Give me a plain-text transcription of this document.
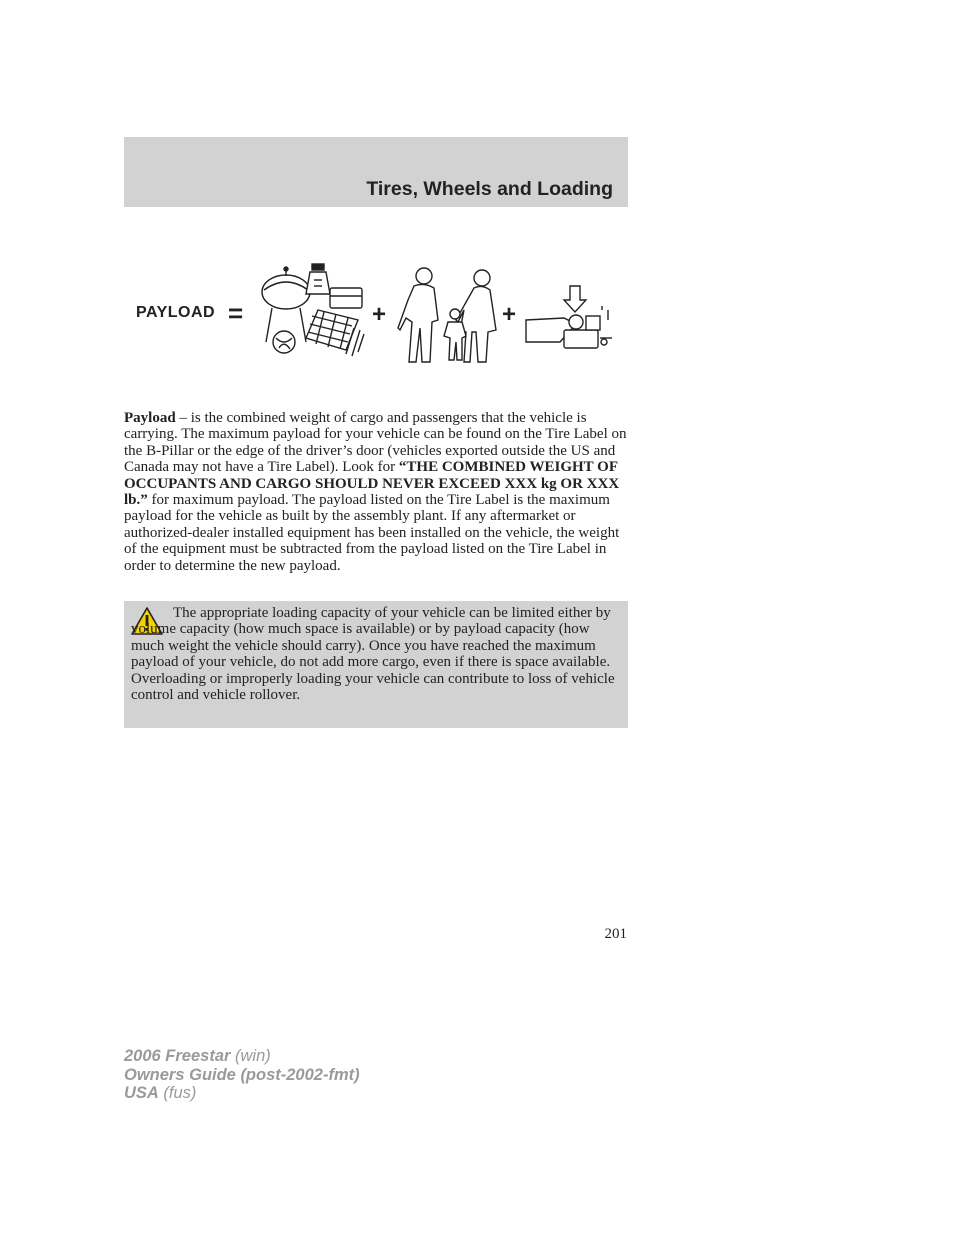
Tires, Wheels and Loading
PAYLOAD =	+	+

Payload – is the combined weight of cargo and passengers that the vehicle is carrying. The maximum payload for your vehicle can be found on the Tire Label on the B-Pillar or the edge of the driver’s door (vehicles exported outside the US and Canada may not have a Tire Label). Look for “THE COMBINED WEIGHT OF OCCUPANTS AND CARGO SHOULD NEVER EXCEED XXX kg OR XXX lb.” for maximum payload. The payload listed on the Tire Label is the maximum payload for the vehicle as built by the assembly plant. If any aftermarket or authorized-dealer installed equipment has been installed on the vehicle, the weight of the equipment must be subtracted from the payload listed on the Tire Label in order to determine the new payload.

The appropriate loading capacity of your vehicle can be limited either by volume capacity (how much space is available) or by payload capacity (how much weight the vehicle should carry). Once you have reached the maximum payload of your vehicle, do not add more cargo, even if there is space available. Overloading or improperly loading your vehicle can contribute to loss of vehicle control and vehicle rollover.

201
2006 Freestar (win)
Owners Guide (post-2002-fmt)
USA (fus)
